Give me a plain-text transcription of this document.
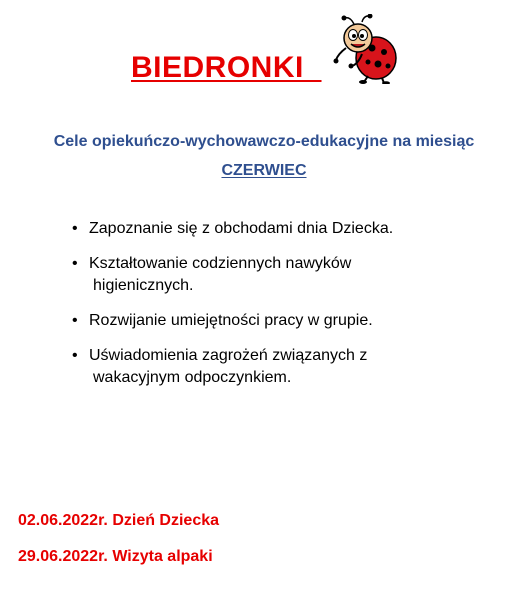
BIEDRONKI
Cele opiekuńczo-wychowawczo-edukacyjne na miesiąc
CZERWIEC
• Zapoznanie się z obchodami dnia Dziecka.
• Kształtowanie codziennych nawyków
higienicznych.
• Rozwijanie umiejętności pracy w grupie.
• Uświadomienia zagrożeń związanych z
wakacyjnym odpoczynkiem.
02.06.2022r. Dzień Dziecka
29.06.2022r. Wizyta alpaki
